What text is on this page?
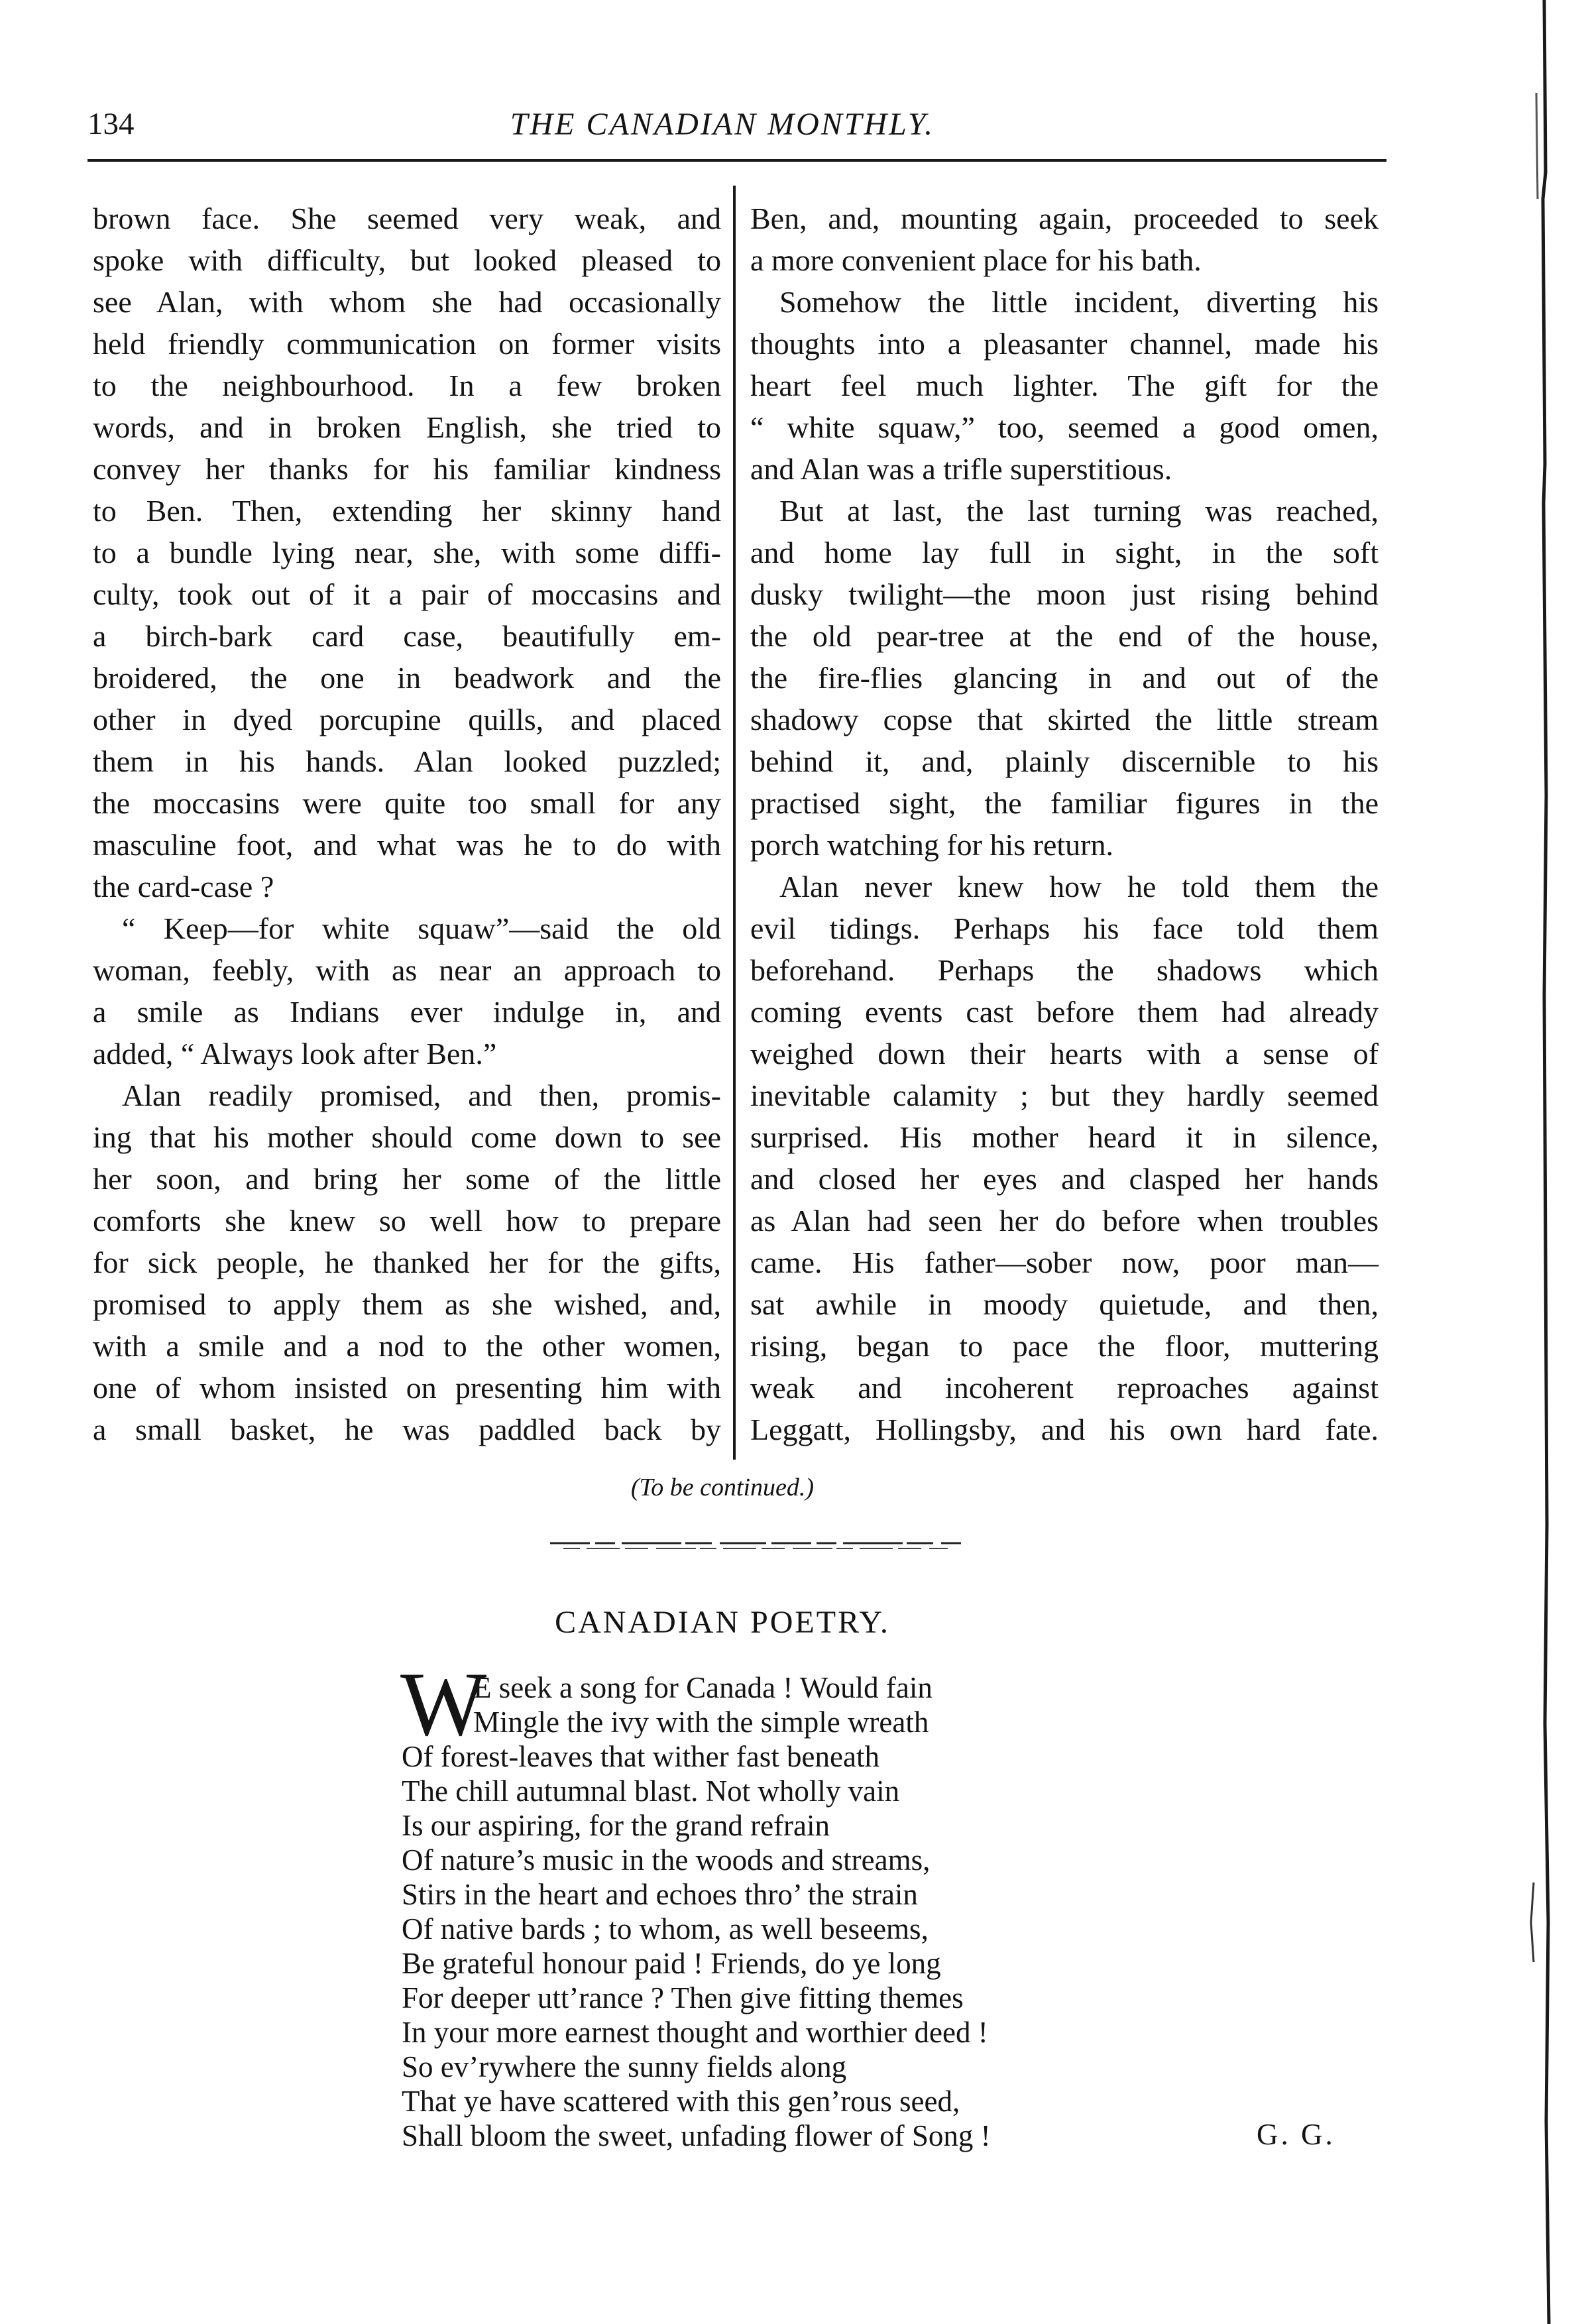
134	THE CANADIAN MONTHLY.
brown face. She seemed very weak, and
spoke with difficulty, but looked pleased to
see Alan, with whom she had occasionally
held friendly communication on former visits
to the neighbourhood. In a few broken
words, and in broken English, she tried to
convey her thanks for his familiar kindness
to Ben. Then, extending her skinny hand
to a bundle lying near, she, with some diffi-
culty, took out of it a pair of moccasins and
a birch-bark card case, beautifully em-
broidered, the one in beadwork and the
other in dyed porcupine quills, and placed
them in his hands. Alan looked puzzled;
the moccasins were quite too small for any
masculine foot, and what was he to do with
the card-case ?
“ Keep—for white squaw”—said the old
woman, feebly, with as near an approach to
a smile as Indians ever indulge in, and
added, “ Always look after Ben.”
Alan readily promised, and then, promis-
ing that his mother should come down to see
her soon, and bring her some of the little
comforts she knew so well how to prepare
for sick people, he thanked her for the gifts,
promised to apply them as she wished, and,
with a smile and a nod to the other women,
one of whom insisted on presenting him with
a small basket, he was paddled back by
Ben, and, mounting again, proceeded to seek
a more convenient place for his bath.
Somehow the little incident, diverting his
thoughts into a pleasanter channel, made his
heart feel much lighter. The gift for the
“ white squaw,” too, seemed a good omen,
and Alan was a trifle superstitious.
But at last, the last turning was reached,
and home lay full in sight, in the soft
dusky twilight—the moon just rising behind
the old pear-tree at the end of the house,
the fire-flies glancing in and out of the
shadowy copse that skirted the little stream
behind it, and, plainly discernible to his
practised sight, the familiar figures in the
porch watching for his return.
Alan never knew how he told them the
evil tidings. Perhaps his face told them
beforehand. Perhaps the shadows which
coming events cast before them had already
weighed down their hearts with a sense of
inevitable calamity ; but they hardly seemed
surprised. His mother heard it in silence,
and closed her eyes and clasped her hands
as Alan had seen her do before when troubles
came. His father—sober now, poor man—
sat awhile in moody quietude, and then,
rising, began to pace the floor, muttering
weak and incoherent reproaches against
Leggatt, Hollingsby, and his own hard fate.
(To be continued.)
CANADIAN POETRY.
W
E seek a song for Canada ! Would fain
Mingle the ivy with the simple wreath
Of forest-leaves that wither fast beneath
The chill autumnal blast. Not wholly vain
Is our aspiring, for the grand refrain
Of nature’s music in the woods and streams,
Stirs in the heart and echoes thro’ the strain
Of native bards ; to whom, as well beseems,
Be grateful honour paid ! Friends, do ye long
For deeper utt’rance ? Then give fitting themes
In your more earnest thought and worthier deed !
So ev’rywhere the sunny fields along
That ye have scattered with this gen’rous seed,
Shall bloom the sweet, unfading flower of Song !	G. G.
